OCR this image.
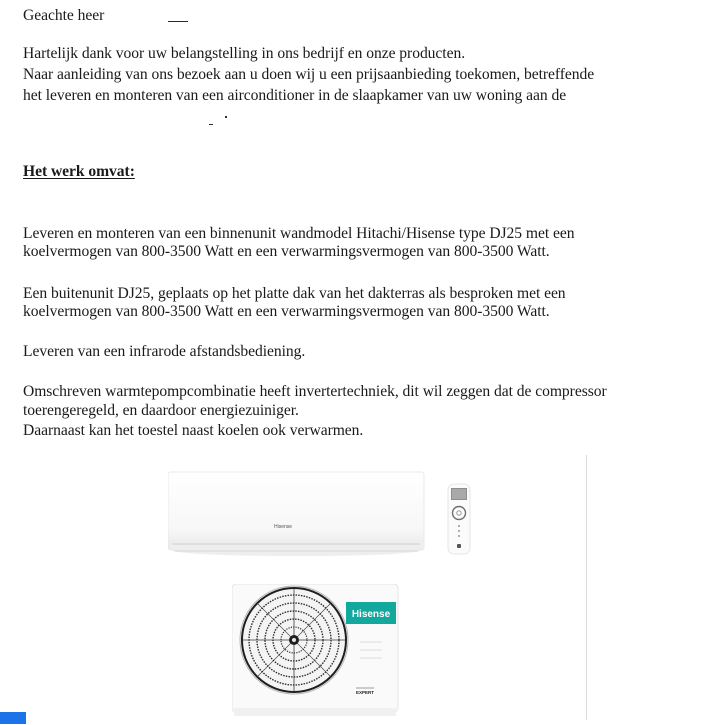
Geachte heer
Hartelijk dank voor uw belangstelling in ons bedrijf en onze producten.
Naar aanleiding van ons bezoek aan u doen wij u een prijsaanbieding toekomen, betreffende
het leveren en monteren van een airconditioner in de slaapkamer van uw woning aan de
Het werk omvat:
Leveren en monteren van een binnenunit wandmodel Hitachi/Hisense type DJ25 met een
koelvermogen van 800-3500 Watt en een verwarmingsvermogen van 800-3500 Watt.
Een buitenunit DJ25, geplaats op het platte dak van het dakterras als besproken met een
koelvermogen van 800-3500 Watt en een verwarmingsvermogen van 800-3500 Watt.
Leveren van een infrarode afstandsbediening.
Omschreven warmtepompcombinatie heeft invertertechniek, dit wil zeggen dat de compressor
toerengeregeld, en daardoor energiezuiniger.
Daarnaast kan het toestel naast koelen ook verwarmen.
Hisense
Hisense
EXPERT
